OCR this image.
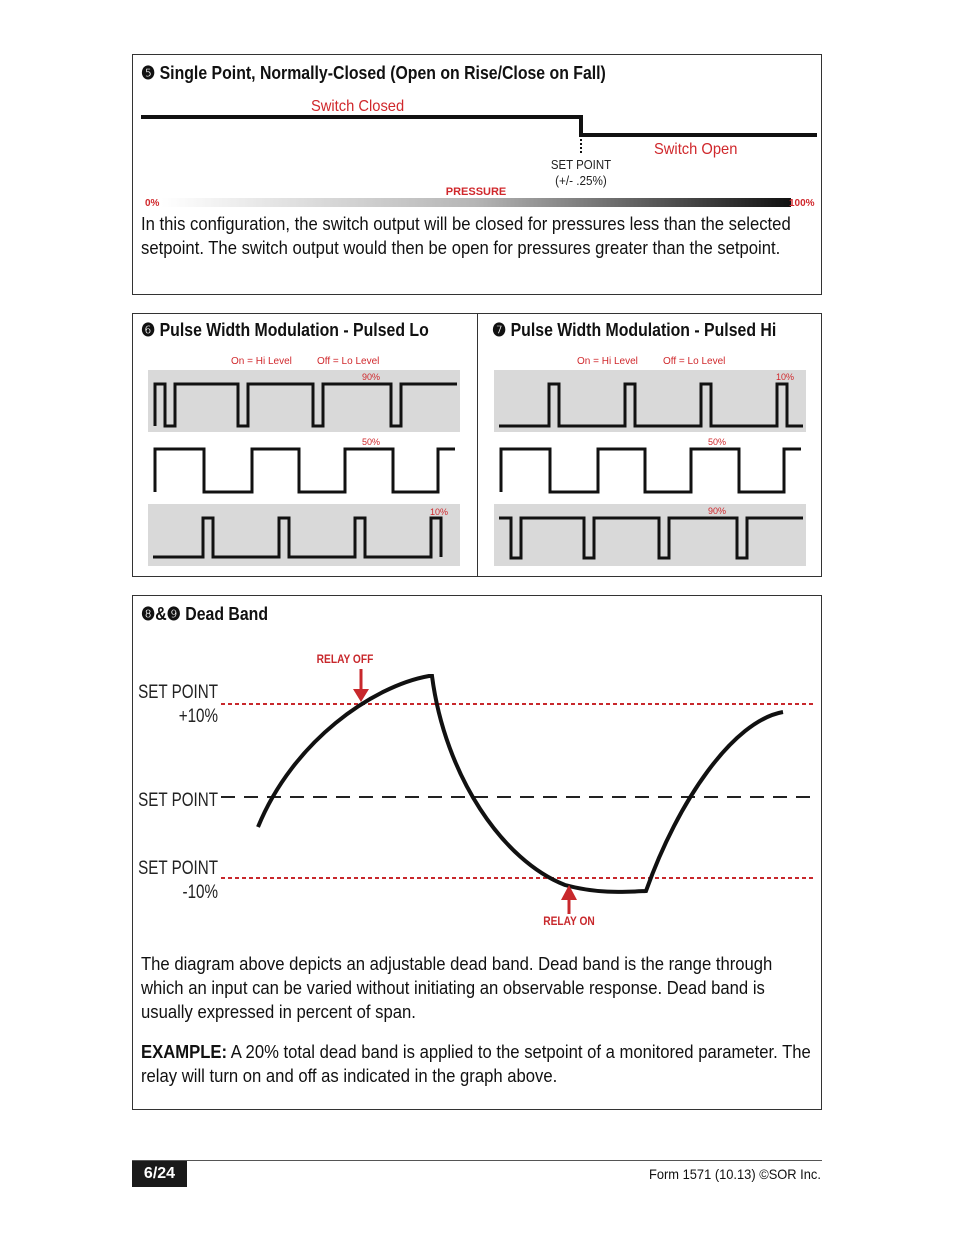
❺ Single Point, Normally-Closed (Open on Rise/Close on Fall)
Switch Closed
Switch Open
SET POINT
(+/- .25%)
PRESSURE
0%	100%
In this configuration, the switch output will be closed for pressures less than the selected setpoint. The switch output would then be open for pressures greater than the setpoint.
❻ Pulse Width Modulation - Pulsed Lo	❼ Pulse Width Modulation - Pulsed Hi
On = Hi Level	Off = Lo Level
90%
50%
10%
On = Hi Level	Off = Lo Level
10%
50%
90%
❽&❾ Dead Band
SET POINT
+10%
SET POINT
SET POINT
-10%
RELAY OFF
RELAY ON
The diagram above depicts an adjustable dead band. Dead band is the range through which an input can be varied without initiating an observable response. Dead band is usually expressed in percent of span.
EXAMPLE: A 20% total dead band is applied to the setpoint of a monitored parameter. The relay will turn on and off as indicated in the graph above.
6/24	Form 1571 (10.13) ©SOR Inc.
